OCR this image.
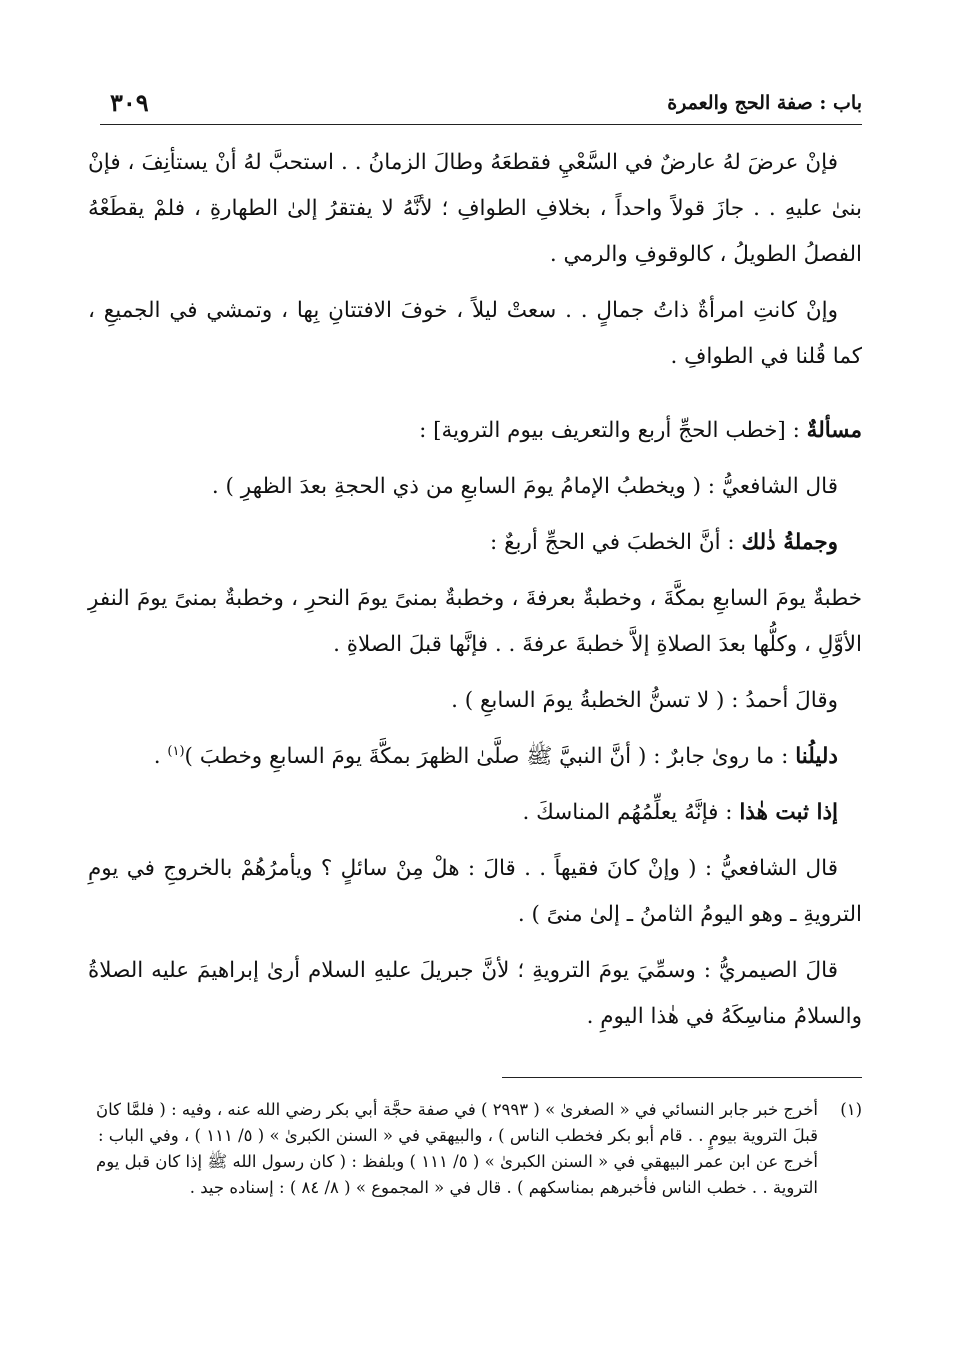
باب : صفة الحج والعمرة
٣٠٩

فإنْ عرضَ لهُ عارضٌ في السَّعْيِ فقطعَهُ وطالَ الزمانُ . . استحبَّ لهُ أنْ يستأنِفَ ، فإنْ بنىٰ عليهِ . . جازَ قولاً واحداً ، بخلافِ الطوافِ ؛ لأنَّهُ لا يفتقرُ إلىٰ الطهارةِ ، فلمْ يقطَعْهُ الفصلُ الطويلُ ، كالوقوفِ والرمي .

وإنْ كانتِ امرأةٌ ذاتُ جمالٍ . . سعتْ ليلاً ، خوفَ الافتتانِ بِها ، وتمشي في الجميعِ ، كما قُلنا في الطوافِ .

مسألةٌ : [خطب الحجِّ أربع والتعريف بيوم التروية] :

قال الشافعيُّ : ( ويخطبُ الإمامُ يومَ السابعِ من ذي الحجةِ بعدَ الظهرِ ) .

وجملةُ ذٰلك : أنَّ الخطبَ في الحجِّ أربعٌ :

خطبةٌ يومَ السابعِ بمكَّةَ ، وخطبةٌ بعرفةَ ، وخطبةٌ بمنىً يومَ النحرِ ، وخطبةٌ بمنىً يومَ النفرِ الأوَّلِ ، وكلُّها بعدَ الصلاةِ إلاَّ خطبةَ عرفةَ . . فإنَّها قبلَ الصلاةِ .

وقالَ أحمدُ : ( لا تسنُّ الخطبةُ يومَ السابعِ ) .

دليلُنا : ما روىٰ جابرٌ : ( أنَّ النبيَّ ﷺ صلَّىٰ الظهرَ بمكَّةَ يومَ السابعِ وخطبَ )$^{(١)}$ .

إذا ثبت هٰذا : فإنَّهُ يعلِّمُهُم المناسكَ .

قال الشافعيُّ : ( وإنْ كانَ فقيهاً . . قالَ : هلْ مِنْ سائلٍ ؟ ويأمرُهُمْ بالخروجِ في يومِ الترويةِ ـ وهو اليومُ الثامنُ ـ إلىٰ منىً ) .

قالَ الصيمريُّ : وسمِّيَ يومَ الترويةِ ؛ لأنَّ جبريلَ عليهِ السلام أرىٰ إبراهيمَ عليه الصلاةُ والسلامُ مناسِكَهُ في هٰذا اليومِ .

(١)
أخرج خبر جابر النسائي في « الصغرىٰ » ( ٢٩٩٣ ) في صفة حجَّة أبي بكر رضي الله عنه ، وفيه : ( فلمَّا كانَ قبلَ التروية بيومٍ . . قام أبو بكر فخطب الناس ) ، والبيهقي في « السنن الكبرىٰ » ( ٥/ ١١١ ) ، وفي الباب :
أخرج عن ابن عمر البيهقي في « السنن الكبرىٰ » ( ٥/ ١١١ ) وبلفظ : ( كان رسول الله ﷺ إذا كان قبل يوم التروية . . خطب الناس فأخبرهم بمناسكهم ) . قال في « المجموع » ( ٨/ ٨٤ ) : إسناده جيد .
